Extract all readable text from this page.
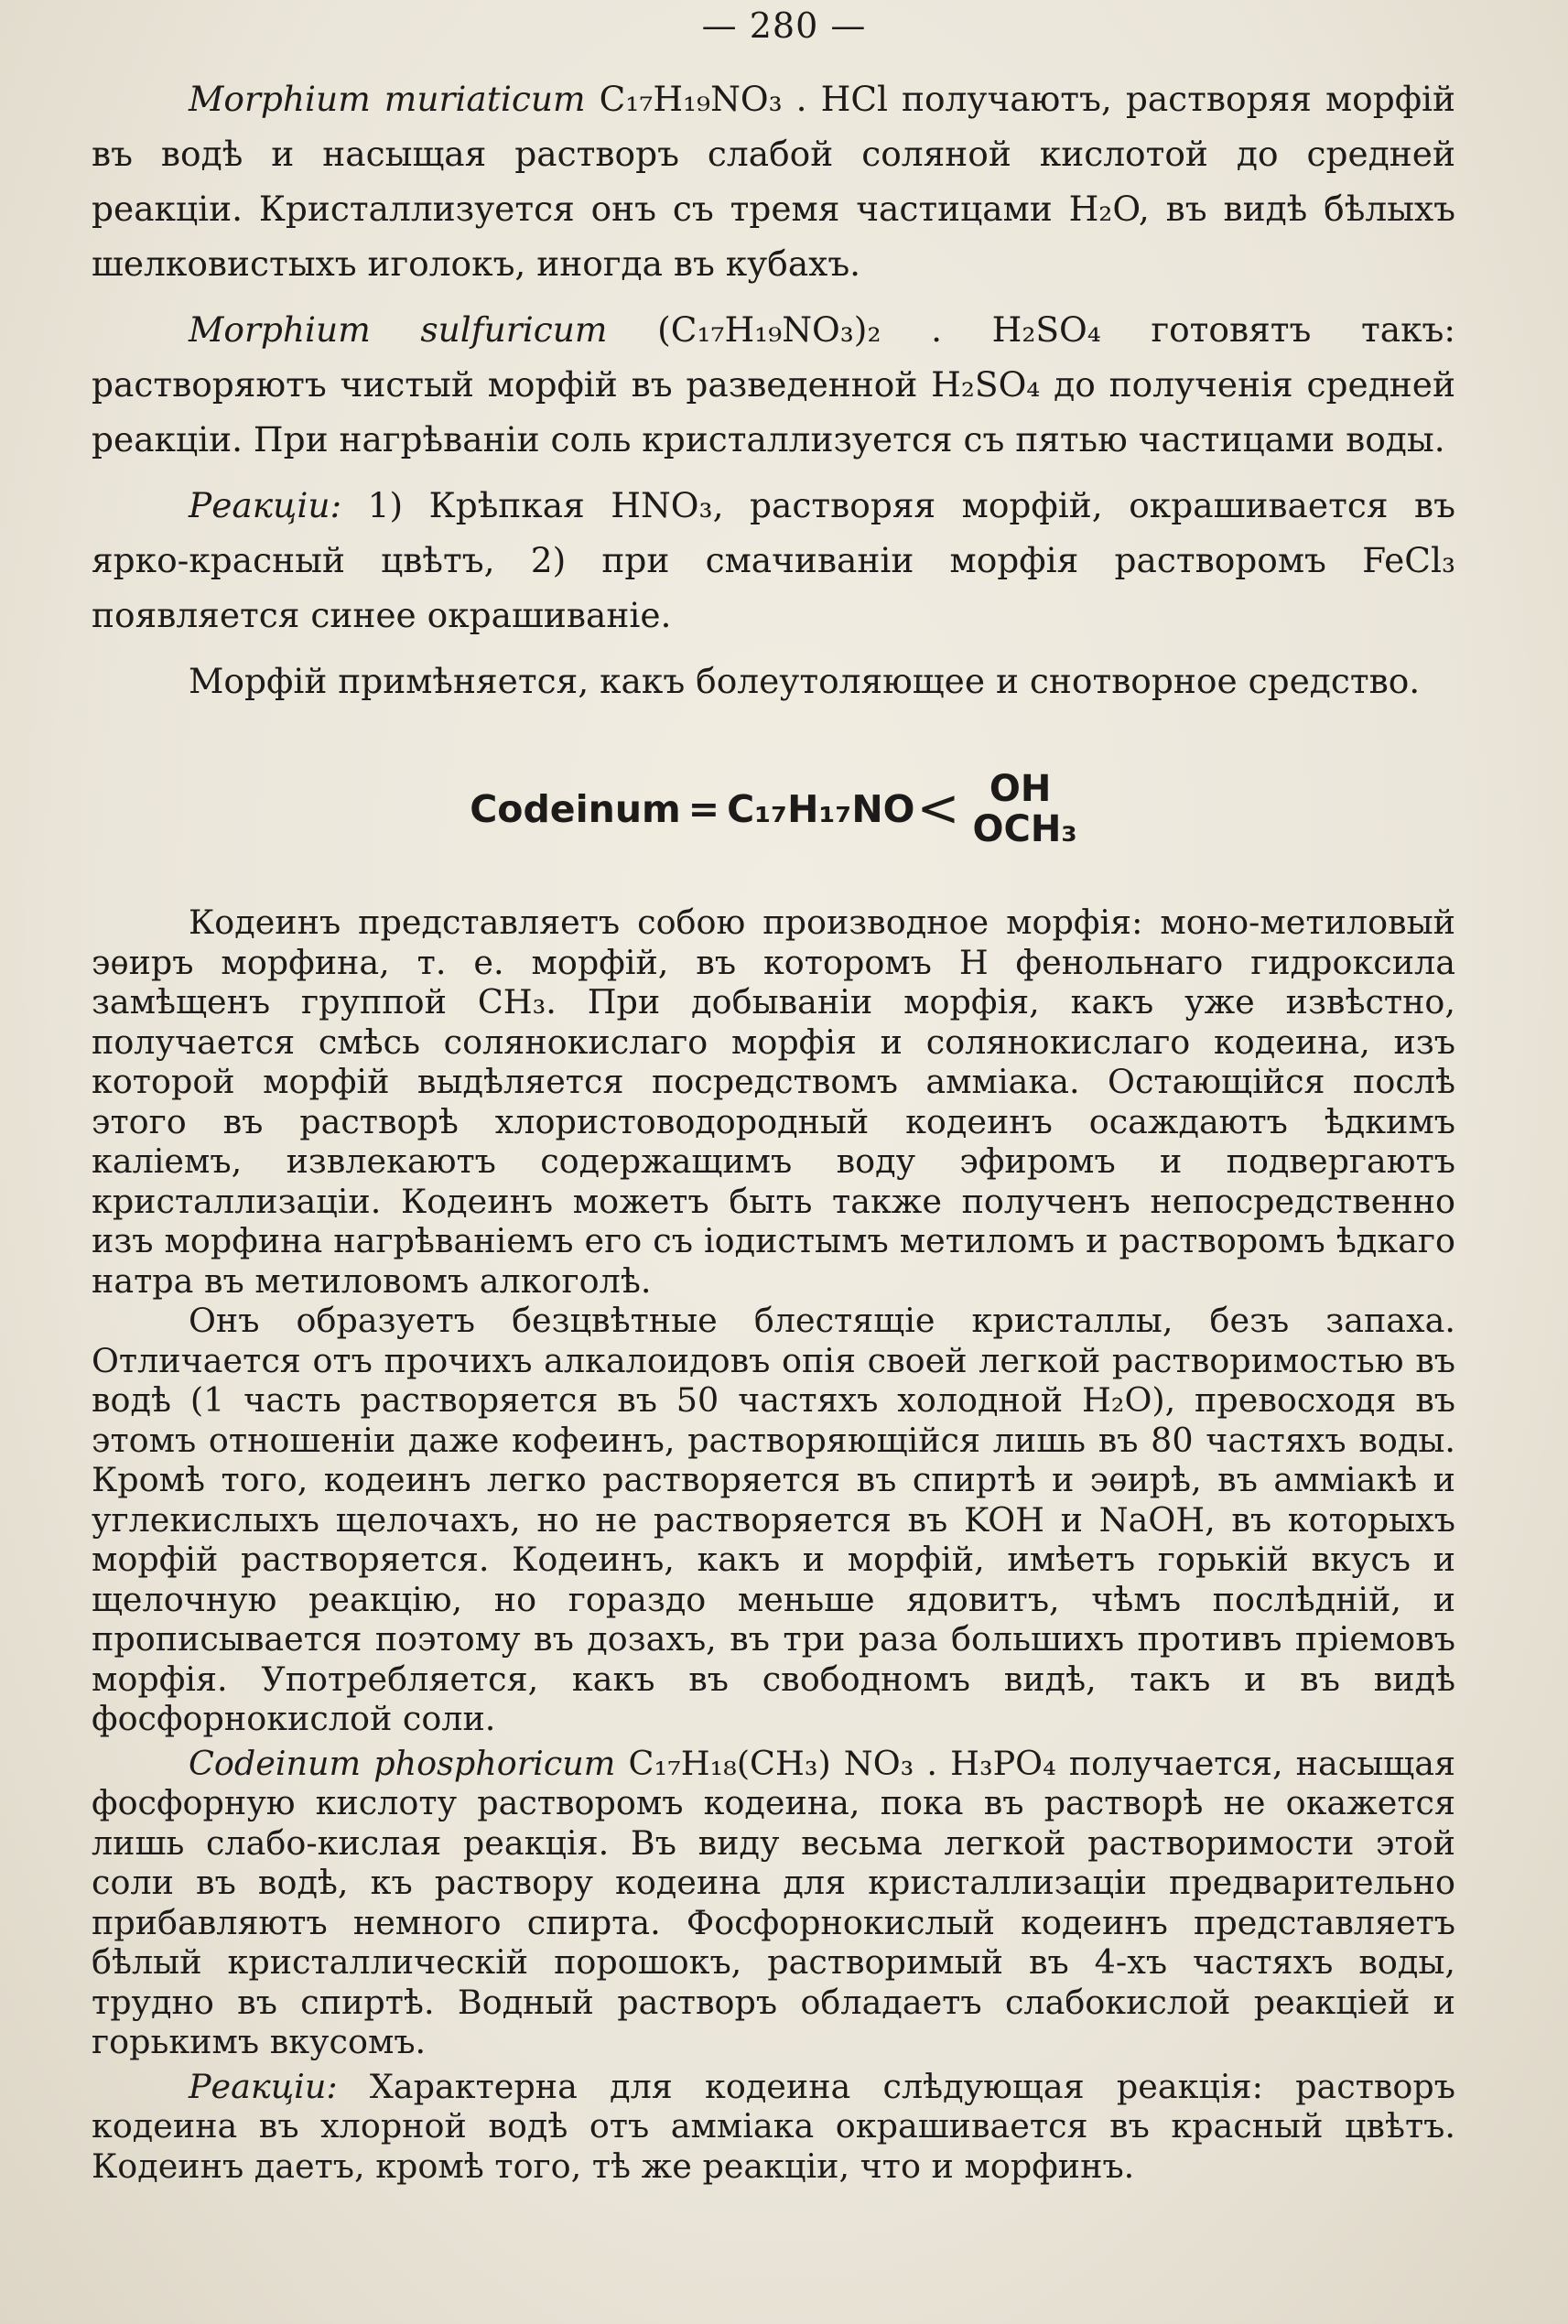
— 280 —

Morphium muriaticum C₁₇H₁₉NO₃ . HCl получаютъ, растворяя морфій въ водѣ и насыщая растворъ слабой соляной кислотой до средней реакціи. Кристаллизуется онъ съ тремя частицами H₂O, въ видѣ бѣлыхъ шелковистыхъ иголокъ, иногда въ кубахъ.

Morphium sulfuricum (C₁₇H₁₉NO₃)₂ . H₂SO₄ готовятъ такъ: растворяютъ чистый морфій въ разведенной H₂SO₄ до полученія средней реакціи. При нагрѣваніи соль кристаллизуется съ пятью частицами воды.

Реакціи: 1) Крѣпкая HNO₃, растворяя морфій, окрашивается въ ярко-красный цвѣтъ, 2) при смачиваніи морфія растворомъ FeCl₃ появляется синее окрашиваніе.

Морфій примѣняется, какъ болеутоляющее и снотворное средство.

Codeinum = C₁₇H₁₇NO < OH
OCH₃

Кодеинъ представляетъ собою производное морфія: моно-метиловый эѳиръ морфина, т. е. морфій, въ которомъ H фенольнаго гидроксила замѣщенъ группой CH₃. При добываніи морфія, какъ уже извѣстно, получается смѣсь солянокислаго морфія и солянокислаго кодеина, изъ которой морфій выдѣляется посредствомъ амміака. Остающійся послѣ этого въ растворѣ хлористоводородный кодеинъ осаждаютъ ѣдкимъ каліемъ, извлекаютъ содержащимъ воду эфиромъ и подвергаютъ кристаллизаціи. Кодеинъ можетъ быть также полученъ непосредственно изъ морфина нагрѣваніемъ его съ іодистымъ метиломъ и растворомъ ѣдкаго натра въ метиловомъ алкоголѣ.

Онъ образуетъ безцвѣтные блестящіе кристаллы, безъ запаха. Отличается отъ прочихъ алкалоидовъ опія своей легкой растворимостью въ водѣ (1 часть растворяется въ 50 частяхъ холодной H₂O), превосходя въ этомъ отношеніи даже кофеинъ, растворяющійся лишь въ 80 частяхъ воды. Кромѣ того, кодеинъ легко растворяется въ спиртѣ и эѳирѣ, въ амміакѣ и углекислыхъ щелочахъ, но не растворяется въ KOH и NaOH, въ которыхъ морфій растворяется. Кодеинъ, какъ и морфій, имѣетъ горькій вкусъ и щелочную реакцію, но гораздо меньше ядовитъ, чѣмъ послѣдній, и прописывается поэтому въ дозахъ, въ три раза большихъ противъ пріемовъ морфія. Употребляется, какъ въ свободномъ видѣ, такъ и въ видѣ фосфорнокислой соли.

Codeinum phosphoricum C₁₇H₁₈(CH₃) NO₃ . H₃PO₄ получается, насыщая фосфорную кислоту растворомъ кодеина, пока въ растворѣ не окажется лишь слабо-кислая реакція. Въ виду весьма легкой растворимости этой соли въ водѣ, къ раствору кодеина для кристаллизаціи предварительно прибавляютъ немного спирта. Фосфорнокислый кодеинъ представляетъ бѣлый кристаллическій порошокъ, растворимый въ 4-хъ частяхъ воды, трудно въ спиртѣ. Водный растворъ обладаетъ слабокислой реакціей и горькимъ вкусомъ.

Реакціи: Характерна для кодеина слѣдующая реакція: растворъ кодеина въ хлорной водѣ отъ амміака окрашивается въ красный цвѣтъ. Кодеинъ даетъ, кромѣ того, тѣ же реакціи, что и морфинъ.
